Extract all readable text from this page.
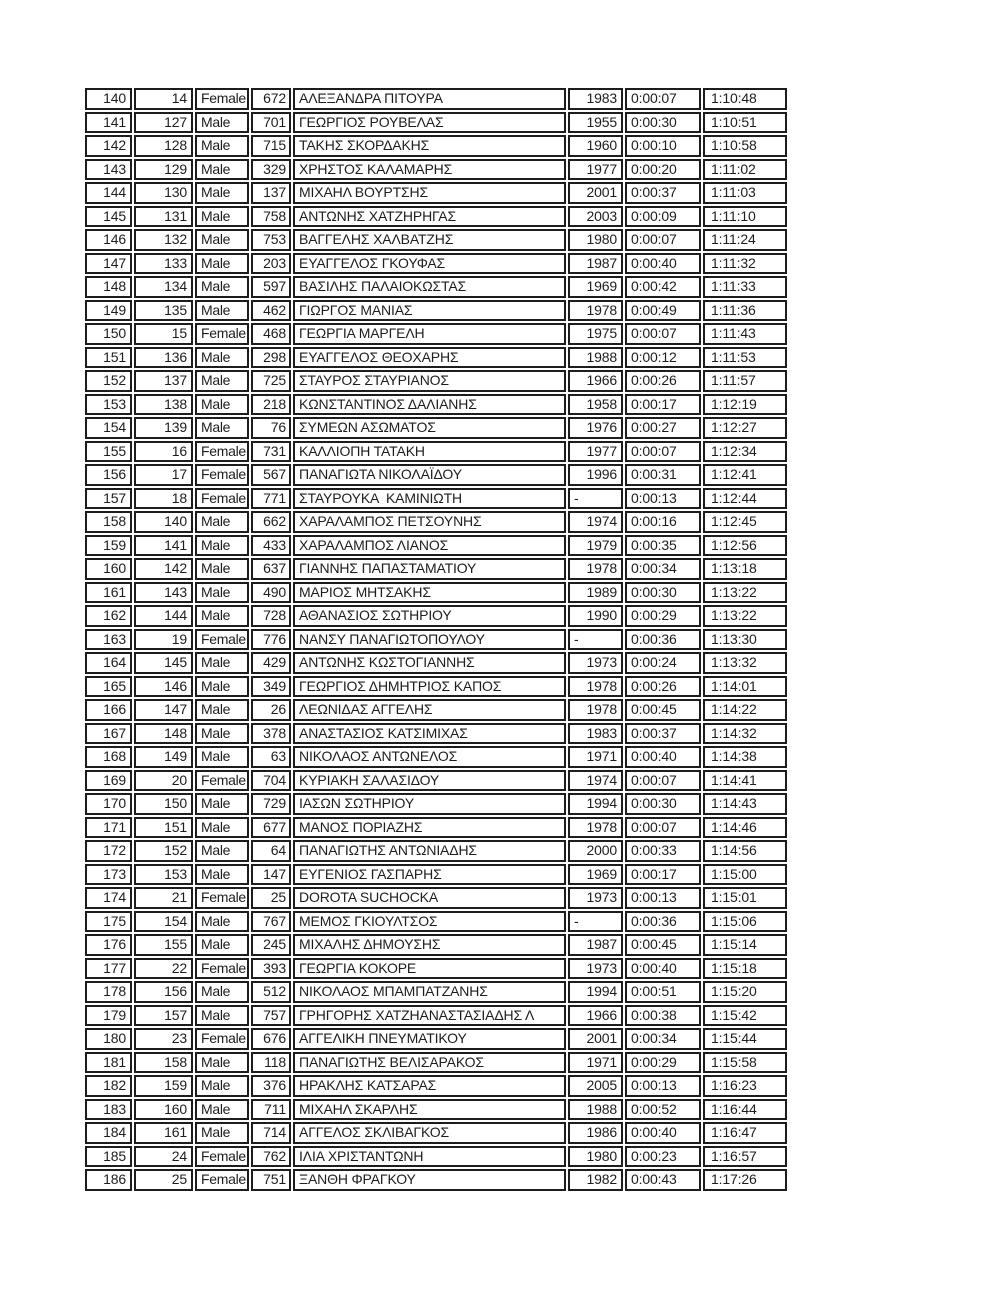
140	14	Female	672	ΑΛΕΞΑΝΔΡΑ ΠΙΤΟΥΡΑ	1983	0:00:07	1:10:48
141	127	Male	701	ΓΕΩΡΓΙΟΣ ΡΟΥΒΕΛΑΣ	1955	0:00:30	1:10:51
142	128	Male	715	ΤΑΚΗΣ ΣΚΟΡΔΑΚΗΣ	1960	0:00:10	1:10:58
143	129	Male	329	ΧΡΗΣΤΟΣ ΚΑΛΑΜΑΡΗΣ	1977	0:00:20	1:11:02
144	130	Male	137	ΜΙΧΑΗΛ ΒΟΥΡΤΣΗΣ	2001	0:00:37	1:11:03
145	131	Male	758	ΑΝΤΩΝΗΣ ΧΑΤΖΗΡΗΓΑΣ	2003	0:00:09	1:11:10
146	132	Male	753	ΒΑΓΓΕΛΗΣ ΧΑΛΒΑΤΖΗΣ	1980	0:00:07	1:11:24
147	133	Male	203	ΕΥΑΓΓΕΛΟΣ ΓΚΟΥΦΑΣ	1987	0:00:40	1:11:32
148	134	Male	597	ΒΑΣΙΛΗΣ ΠΑΛΑΙΟΚΩΣΤΑΣ	1969	0:00:42	1:11:33
149	135	Male	462	ΓΙΩΡΓΟΣ ΜΑΝΙΑΣ	1978	0:00:49	1:11:36
150	15	Female	468	ΓΕΩΡΓΙΑ ΜΑΡΓΕΛΗ	1975	0:00:07	1:11:43
151	136	Male	298	ΕΥΑΓΓΕΛΟΣ ΘΕΟΧΑΡΗΣ	1988	0:00:12	1:11:53
152	137	Male	725	ΣΤΑΥΡΟΣ ΣΤΑΥΡΙΑΝΟΣ	1966	0:00:26	1:11:57
153	138	Male	218	ΚΩΝΣΤΑΝΤΙΝΟΣ ΔΑΛΙΑΝΗΣ	1958	0:00:17	1:12:19
154	139	Male	76	ΣΥΜΕΩΝ ΑΣΩΜΑΤΟΣ	1976	0:00:27	1:12:27
155	16	Female	731	ΚΑΛΛΙΟΠΗ ΤΑΤΑΚΗ	1977	0:00:07	1:12:34
156	17	Female	567	ΠΑΝΑΓΙΩΤΑ ΝΙΚΟΛΑΪΔΟΥ	1996	0:00:31	1:12:41
157	18	Female	771	ΣΤΑΥΡΟΥΚΑ  ΚΑΜΙΝΙΩΤΗ	-	0:00:13	1:12:44
158	140	Male	662	ΧΑΡΑΛΑΜΠΟΣ ΠΕΤΣΟΥΝΗΣ	1974	0:00:16	1:12:45
159	141	Male	433	ΧΑΡΑΛΑΜΠΟΣ ΛΙΑΝΟΣ	1979	0:00:35	1:12:56
160	142	Male	637	ΓΙΑΝΝΗΣ ΠΑΠΑΣΤΑΜΑΤΙΟΥ	1978	0:00:34	1:13:18
161	143	Male	490	ΜΑΡΙΟΣ ΜΗΤΣΑΚΗΣ	1989	0:00:30	1:13:22
162	144	Male	728	ΑΘΑΝΑΣΙΟΣ ΣΩΤΗΡΙΟΥ	1990	0:00:29	1:13:22
163	19	Female	776	ΝΑΝΣΥ ΠΑΝΑΓΙΩΤΟΠΟΥΛΟΥ	-	0:00:36	1:13:30
164	145	Male	429	ΑΝΤΩΝΗΣ ΚΩΣΤΟΓΙΑΝΝΗΣ	1973	0:00:24	1:13:32
165	146	Male	349	ΓΕΩΡΓΙΟΣ ΔΗΜΗΤΡΙΟΣ ΚΑΠΟΣ	1978	0:00:26	1:14:01
166	147	Male	26	ΛΕΩΝΙΔΑΣ ΑΓΓΕΛΗΣ	1978	0:00:45	1:14:22
167	148	Male	378	ΑΝΑΣΤΑΣΙΟΣ ΚΑΤΣΙΜΙΧΑΣ	1983	0:00:37	1:14:32
168	149	Male	63	ΝΙΚΟΛΑΟΣ ΑΝΤΩΝΕΛΟΣ	1971	0:00:40	1:14:38
169	20	Female	704	ΚΥΡΙΑΚΗ ΣΑΛΑΣΙΔΟΥ	1974	0:00:07	1:14:41
170	150	Male	729	ΙΑΣΩΝ ΣΩΤΗΡΙΟΥ	1994	0:00:30	1:14:43
171	151	Male	677	ΜΑΝΟΣ ΠΟΡΙΑΖΗΣ	1978	0:00:07	1:14:46
172	152	Male	64	ΠΑΝΑΓΙΩΤΗΣ ΑΝΤΩΝΙΑΔΗΣ	2000	0:00:33	1:14:56
173	153	Male	147	ΕΥΓΕΝΙΟΣ ΓΑΣΠΑΡΗΣ	1969	0:00:17	1:15:00
174	21	Female	25	DOROTA SUCHOCKA	1973	0:00:13	1:15:01
175	154	Male	767	ΜΕΜΟΣ ΓΚΙΟΥΛΤΣΟΣ	-	0:00:36	1:15:06
176	155	Male	245	ΜΙΧΑΛΗΣ ΔΗΜΟΥΣΗΣ	1987	0:00:45	1:15:14
177	22	Female	393	ΓΕΩΡΓΙΑ ΚΟΚΟΡΕ	1973	0:00:40	1:15:18
178	156	Male	512	ΝΙΚΟΛΑΟΣ ΜΠΑΜΠΑΤΖΑΝΗΣ	1994	0:00:51	1:15:20
179	157	Male	757	ΓΡΗΓΟΡΗΣ ΧΑΤΖΗΑΝΑΣΤΑΣΙΑΔΗΣ Λ	1966	0:00:38	1:15:42
180	23	Female	676	ΑΓΓΕΛΙΚΗ ΠΝΕΥΜΑΤΙΚΟΥ	2001	0:00:34	1:15:44
181	158	Male	118	ΠΑΝΑΓΙΩΤΗΣ ΒΕΛΙΣΑΡΑΚΟΣ	1971	0:00:29	1:15:58
182	159	Male	376	ΗΡΑΚΛΗΣ ΚΑΤΣΑΡΑΣ	2005	0:00:13	1:16:23
183	160	Male	711	ΜΙΧΑΗΛ ΣΚΑΡΛΗΣ	1988	0:00:52	1:16:44
184	161	Male	714	ΑΓΓΕΛΟΣ ΣΚΛΙΒΑΓΚΟΣ	1986	0:00:40	1:16:47
185	24	Female	762	ΙΛΙΑ ΧΡΙΣΤΑΝΤΩΝΗ	1980	0:00:23	1:16:57
186	25	Female	751	ΞΑΝΘΗ ΦΡΑΓΚΟΥ	1982	0:00:43	1:17:26
